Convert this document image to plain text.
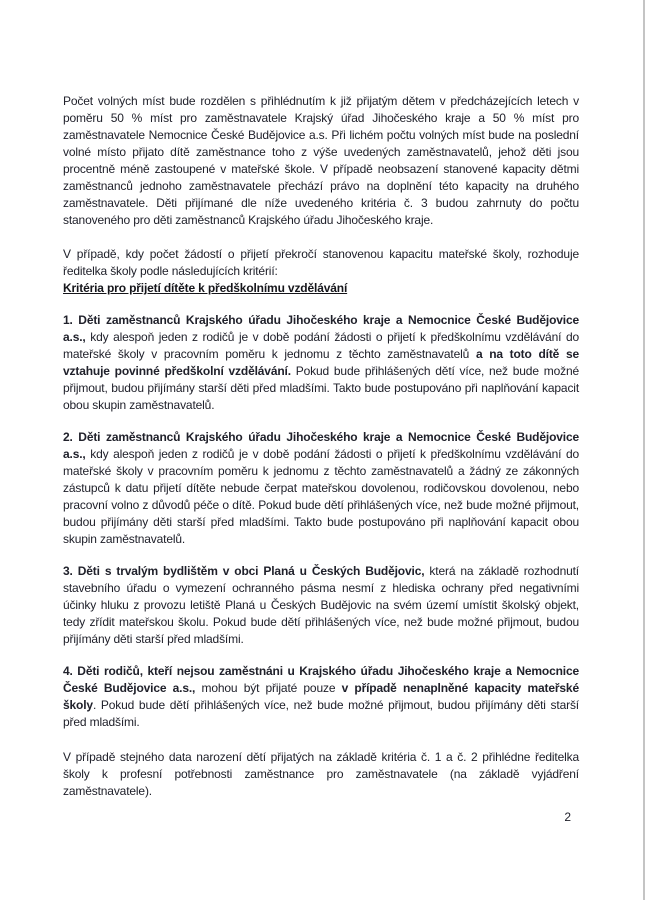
Počet volných míst bude rozdělen s přihlédnutím k již přijatým dětem v předcházejících letech v poměru 50 % míst pro zaměstnavatele Krajský úřad Jihočeského kraje a 50 % míst pro zaměstnavatele Nemocnice České Budějovice a.s. Při lichém počtu volných míst bude na poslední volné místo přijato dítě zaměstnance toho z výše uvedených zaměstnavatelů, jehož děti jsou procentně méně zastoupené v mateřské škole. V případě neobsazení stanovené kapacity dětmi zaměstnanců jednoho zaměstnavatele přechází právo na doplnění této kapacity na druhého zaměstnavatele. Děti přijímané dle níže uvedeného kritéria č. 3 budou zahrnuty do počtu stanoveného pro děti zaměstnanců Krajského úřadu Jihočeského kraje.

V případě, kdy počet žádostí o přijetí překročí stanovenou kapacitu mateřské školy, rozhoduje ředitelka školy podle následujících kritérií:

Kritéria pro přijetí dítěte k předškolnímu vzdělávání

1. Děti zaměstnanců Krajského úřadu Jihočeského kraje a Nemocnice České Budějovice a.s., kdy alespoň jeden z rodičů je v době podání žádosti o přijetí k předškolnímu vzdělávání do mateřské školy v pracovním poměru k jednomu z těchto zaměstnavatelů a na toto dítě se vztahuje povinné předškolní vzdělávání. Pokud bude přihlášených dětí více, než bude možné přijmout, budou přijímány starší děti před mladšími. Takto bude postupováno při naplňování kapacit obou skupin zaměstnavatelů.

2. Děti zaměstnanců Krajského úřadu Jihočeského kraje a Nemocnice České Budějovice a.s., kdy alespoň jeden z rodičů je v době podání žádosti o přijetí k předškolnímu vzdělávání do mateřské školy v pracovním poměru k jednomu z těchto zaměstnavatelů a žádný ze zákonných zástupců k datu přijetí dítěte nebude čerpat mateřskou dovolenou, rodičovskou dovolenou, nebo pracovní volno z důvodů péče o dítě. Pokud bude dětí přihlášených více, než bude možné přijmout, budou přijímány děti starší před mladšími. Takto bude postupováno při naplňování kapacit obou skupin zaměstnavatelů.

3. Děti s trvalým bydlištěm v obci Planá u Českých Budějovic, která na základě rozhodnutí stavebního úřadu o vymezení ochranného pásma nesmí z hlediska ochrany před negativními účinky hluku z provozu letiště Planá u Českých Budějovic na svém území umístit školský objekt, tedy zřídit mateřskou školu. Pokud bude dětí přihlášených více, než bude možné přijmout, budou přijímány děti starší před mladšími.

4. Děti rodičů, kteří nejsou zaměstnáni u Krajského úřadu Jihočeského kraje a Nemocnice České Budějovice a.s., mohou být přijaté pouze v případě nenaplněné kapacity mateřské školy. Pokud bude dětí přihlášených více, než bude možné přijmout, budou přijímány děti starší před mladšími.

V případě stejného data narození dětí přijatých na základě kritéria č. 1 a č. 2 přihlédne ředitelka školy k profesní potřebnosti zaměstnance pro zaměstnavatele (na základě vyjádření zaměstnavatele).

2
